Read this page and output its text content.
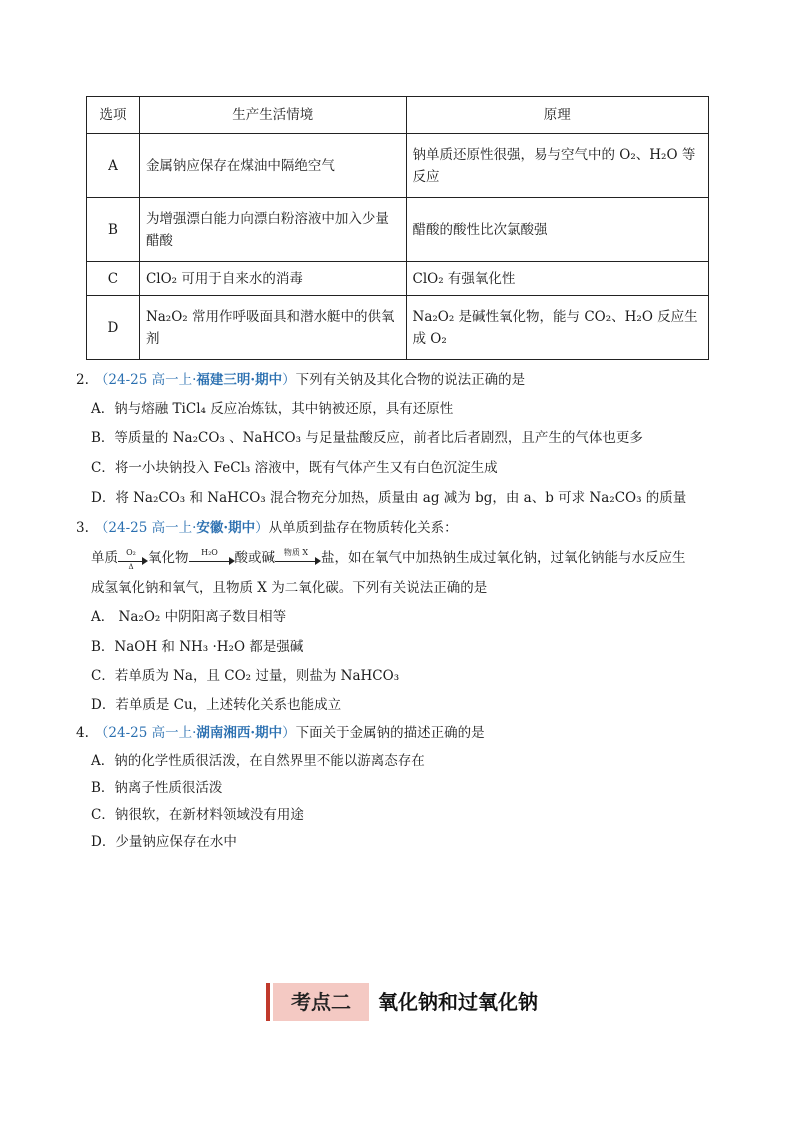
选项	生产生活情境	原理
A	金属钠应保存在煤油中隔绝空气	钠单质还原性很强，易与空气中的 O₂、H₂O 等反应
B	为增强漂白能力向漂白粉溶液中加入少量醋酸	醋酸的酸性比次氯酸强
C	ClO₂ 可用于自来水的消毒	ClO₂ 有强氧化性
D	Na₂O₂ 常用作呼吸面具和潜水艇中的供氧剂	Na₂O₂ 是碱性氧化物，能与 CO₂、H₂O 反应生成 O₂
2. （24-25 高一上·福建三明·期中）下列有关钠及其化合物的说法正确的是
A．钠与熔融 TiCl₄ 反应冶炼钛，其中钠被还原，具有还原性
B．等质量的 Na₂CO₃ 、NaHCO₃ 与足量盐酸反应，前者比后者剧烈，且产生的气体也更多
C．将一小块钠投入 FeCl₃ 溶液中，既有气体产生又有白色沉淀生成
D．将 Na₂CO₃ 和 NaHCO₃ 混合物充分加热，质量由 ag 减为 bg，由 a、b 可求 Na₂CO₃ 的质量
3. （24-25 高一上·安徽·期中）从单质到盐存在物质转化关系：
单质 $\frac{\text{O₂}}{\Delta}$ 氧化物	H₂O	酸或碱	物质 X 盐，如在氧气中加热钠生成过氧化钠，过氧化钠能与水反应生
成氢氧化钠和氧气，且物质 X 为二氧化碳。下列有关说法正确的是
A． Na₂O₂ 中阴阳离子数目相等
B．NaOH 和 NH₃ ·H₂O 都是强碱
C．若单质为 Na，且 CO₂ 过量，则盐为 NaHCO₃
D．若单质是 Cu，上述转化关系也能成立
4. （24-25 高一上·湖南湘西·期中）下面关于金属钠的描述正确的是
A．钠的化学性质很活泼，在自然界里不能以游离态存在
B．钠离子性质很活泼
C．钠很软，在新材料领域没有用途
D．少量钠应保存在水中
考点二	氧化钠和过氧化钠
